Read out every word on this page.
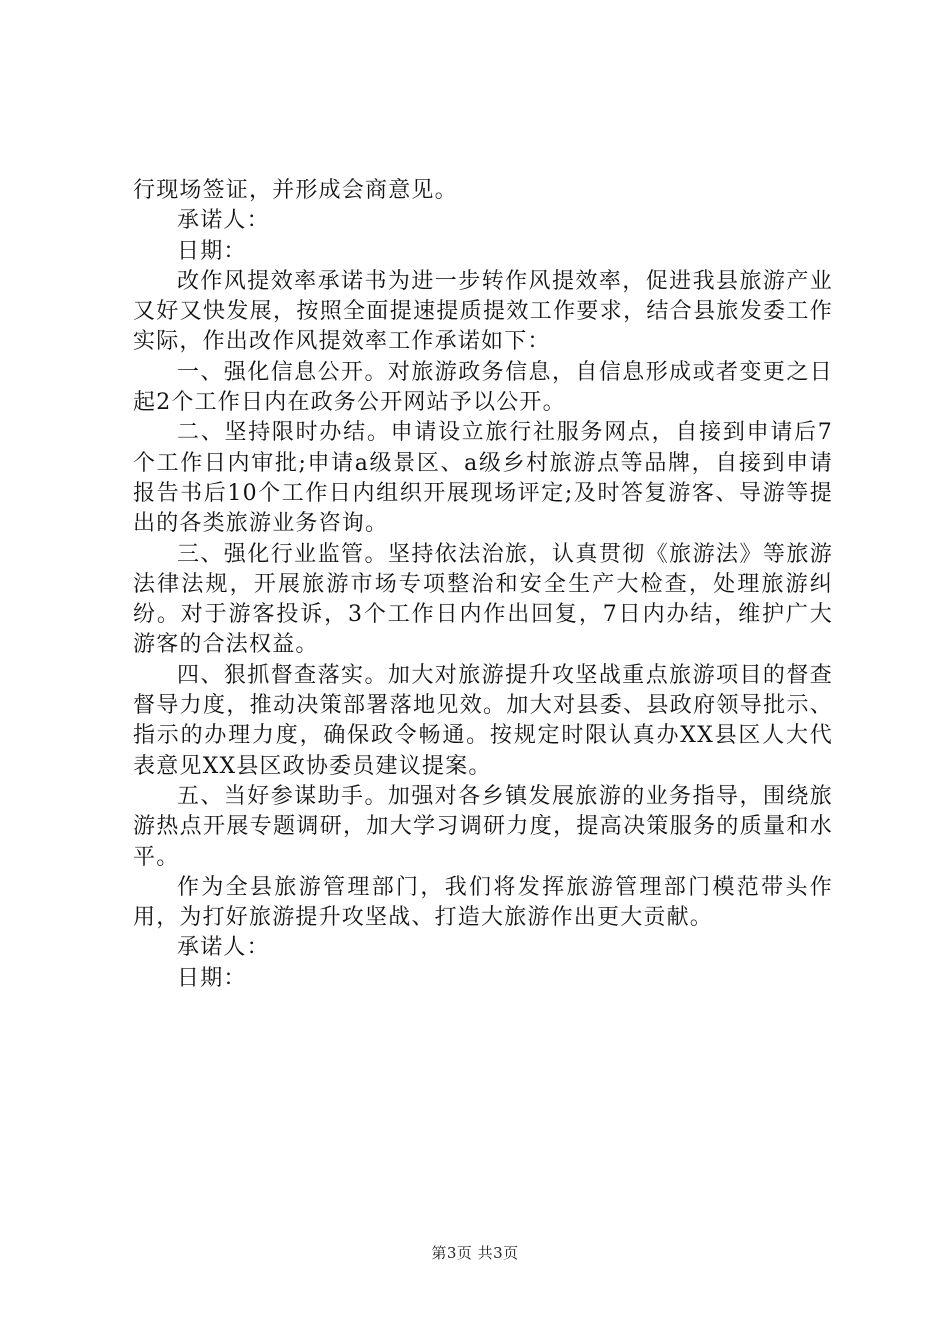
行现场签证，并形成会商意见。

承诺人：

日期：

改作风提效率承诺书为进一步转作风提效率，促进我县旅游产业又好又快发展，按照全面提速提质提效工作要求，结合县旅发委工作实际，作出改作风提效率工作承诺如下：

一、强化信息公开。对旅游政务信息，自信息形成或者变更之日起2个工作日内在政务公开网站予以公开。

二、坚持限时办结。申请设立旅行社服务网点，自接到申请后7个工作日内审批;申请a级景区、a级乡村旅游点等品牌，自接到申请报告书后10个工作日内组织开展现场评定;及时答复游客、导游等提出的各类旅游业务咨询。

三、强化行业监管。坚持依法治旅，认真贯彻《旅游法》等旅游法律法规，开展旅游市场专项整治和安全生产大检查，处理旅游纠纷。对于游客投诉，3个工作日内作出回复，7日内办结，维护广大游客的合法权益。

四、狠抓督查落实。加大对旅游提升攻坚战重点旅游项目的督查督导力度，推动决策部署落地见效。加大对县委、县政府领导批示、指示的办理力度，确保政令畅通。按规定时限认真办XX县区人大代表意见XX县区政协委员建议提案。

五、当好参谋助手。加强对各乡镇发展旅游的业务指导，围绕旅游热点开展专题调研，加大学习调研力度，提高决策服务的质量和水平。

作为全县旅游管理部门，我们将发挥旅游管理部门模范带头作用，为打好旅游提升攻坚战、打造大旅游作出更大贡献。

承诺人：

日期：

第3页 共3页
